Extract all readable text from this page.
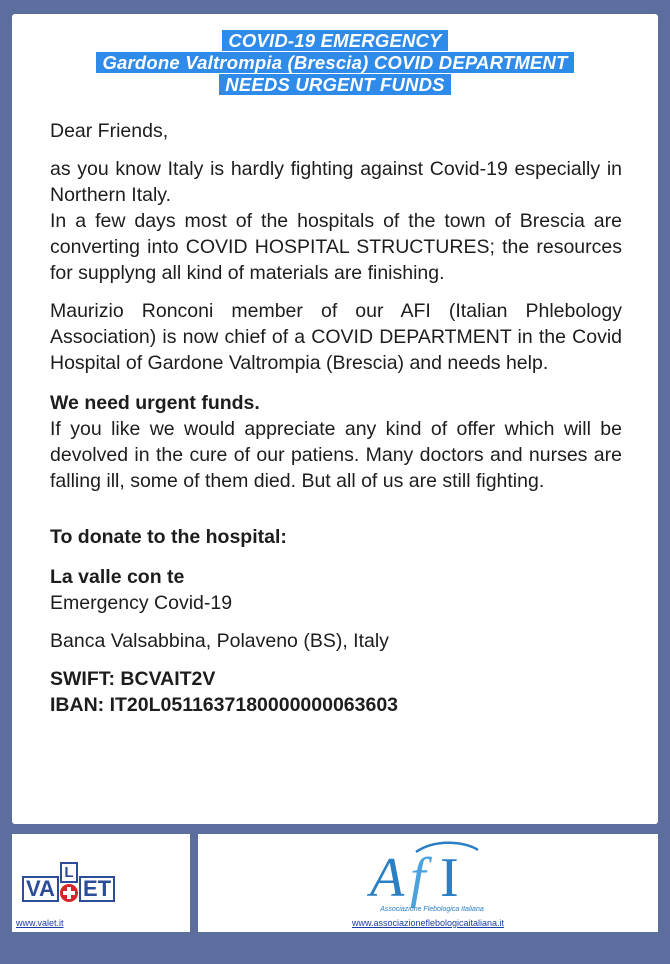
COVID-19 EMERGENCY
Gardone Valtrompia (Brescia) COVID DEPARTMENT
NEEDS URGENT FUNDS

Dear Friends,

as you know Italy is hardly fighting against Covid-19 especially in Northern Italy.

In a few days most of the hospitals of the town of Brescia are converting into COVID HOSPITAL STRUCTURES; the resources for supplyng all kind of materials are finishing.

Maurizio Ronconi member of our AFI (Italian Phlebology Association) is now chief of a COVID DEPARTMENT in the Covid Hospital of Gardone Valtrompia (Brescia) and needs help.

We need urgent funds.

If you like we would appreciate any kind of offer which will be devolved in the cure of our patiens. Many doctors and nurses are falling ill, some of them died. But all of us are still fighting.

To donate to the hospital:

La valle con te

Emergency Covid-19

Banca Valsabbina, Polaveno (BS), Italy

SWIFT: BCVAIT2V

IBAN: IT20L0511637180000000063603

VA
L
ET
www.valet.it
A f I
Associazione Flebologica Italiana
www.associazioneflebologicaitaliana.it
